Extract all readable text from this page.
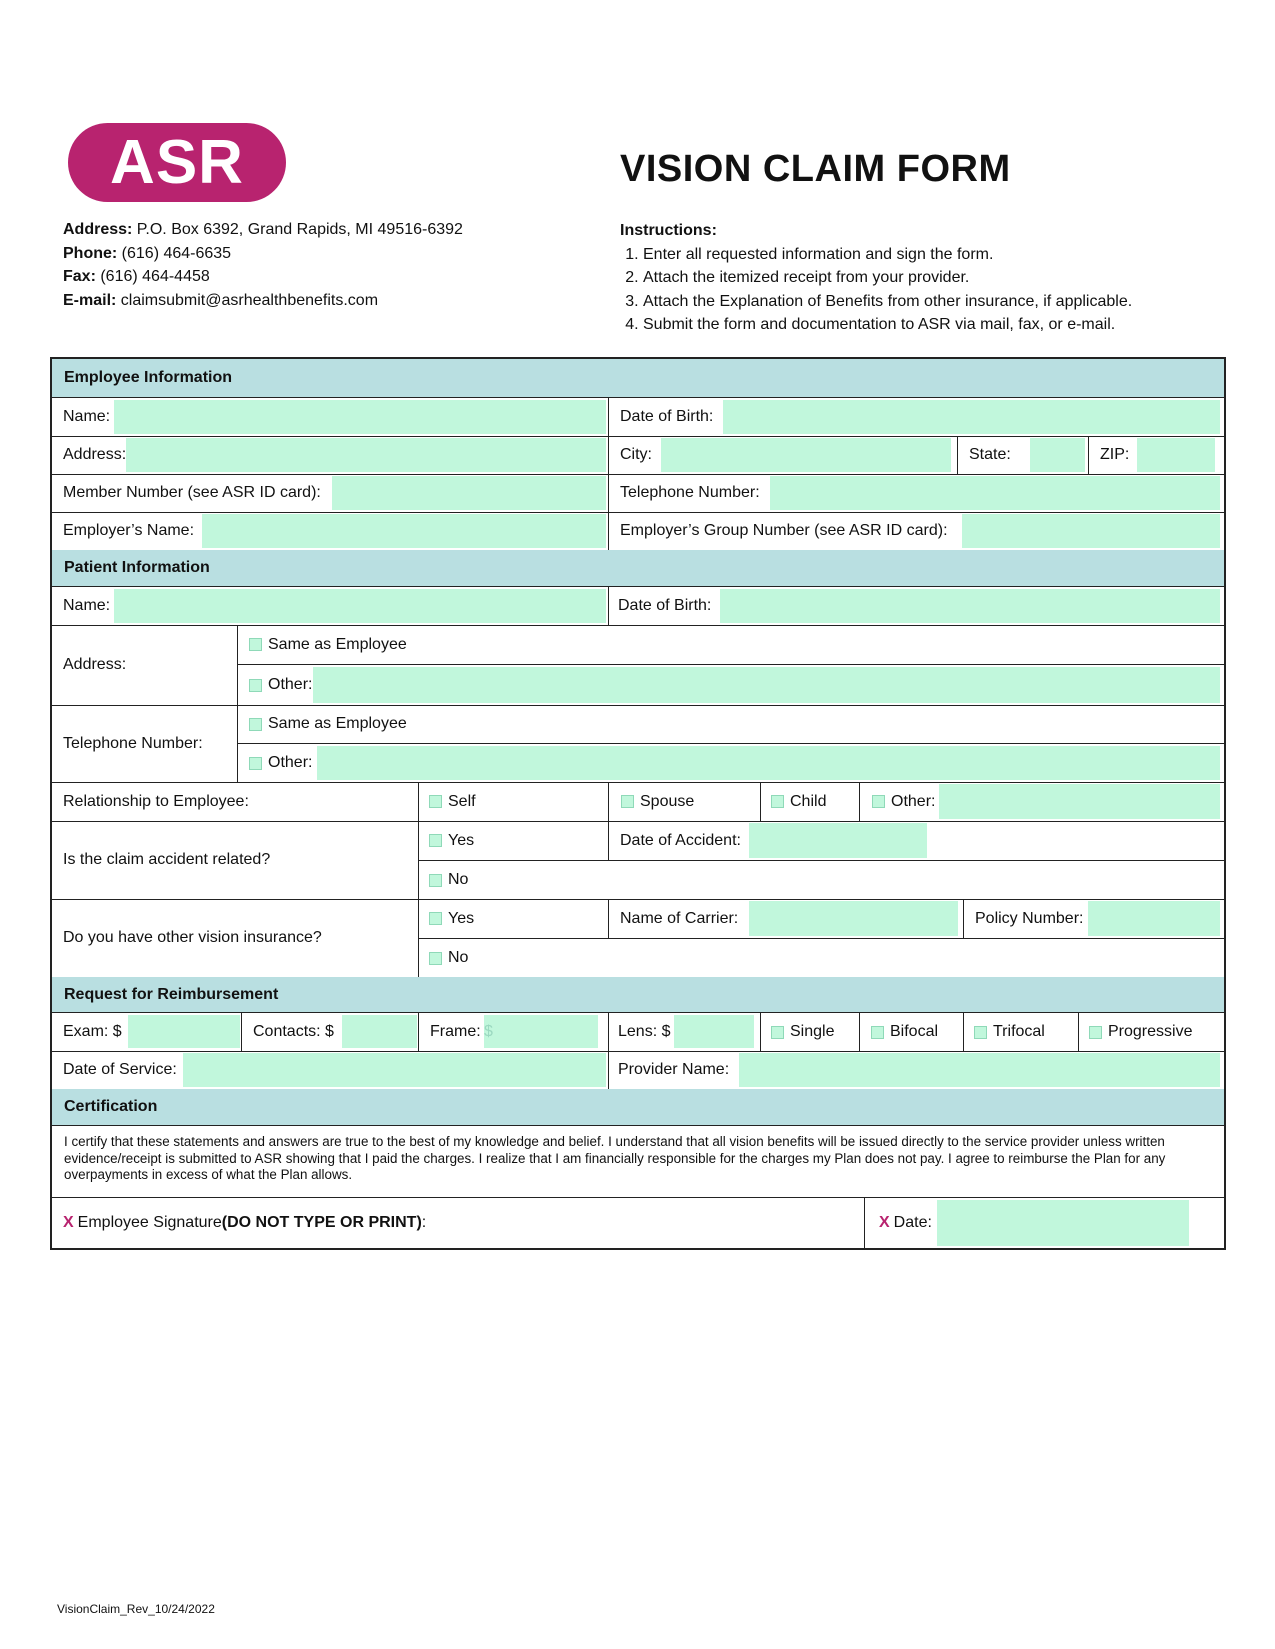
ASR	VISION CLAIM FORM
Address: P.O. Box 6392, Grand Rapids, MI 49516-6392
Phone: (616) 464-6635
Fax: (616) 464-4458
E-mail: claimsubmit@asrhealthbenefits.com
Instructions:
1. Enter all requested information and sign the form.
2. Attach the itemized receipt from your provider.
3. Attach the Explanation of Benefits from other insurance, if applicable.
4. Submit the form and documentation to ASR via mail, fax, or e-mail.
Employee Information
Name:	Date of Birth:
Address:	City:	State:	ZIP:
Member Number (see ASR ID card):	Telephone Number:
Employer’s Name:	Employer’s Group Number (see ASR ID card):
Patient Information
Name:	Date of Birth:
Address:
Same as Employee
Other:
Telephone Number:
Same as Employee
Other:
Relationship to Employee:	Self	Spouse	Child	Other:
Is the claim accident related?
Yes	Date of Accident:
No
Do you have other vision insurance?
Yes	Name of Carrier:	Policy Number:
No
Request for Reimbursement
Exam: $	Contacts: $	Frame: $	Lens: $	Single	Bifocal	Trifocal	Progressive
Date of Service:	Provider Name:
Certification
I certify that these statements and answers are true to the best of my knowledge and belief. I understand that all vision benefits will be issued directly to the service provider unless written evidence/receipt is submitted to ASR showing that I paid the charges. I realize that I am financially responsible for the charges my Plan does not pay. I agree to reimburse the Plan for any overpayments in excess of what the Plan allows.
X Employee Signature (DO NOT TYPE OR PRINT) :	X Date:
VisionClaim_Rev_10/24/2022
